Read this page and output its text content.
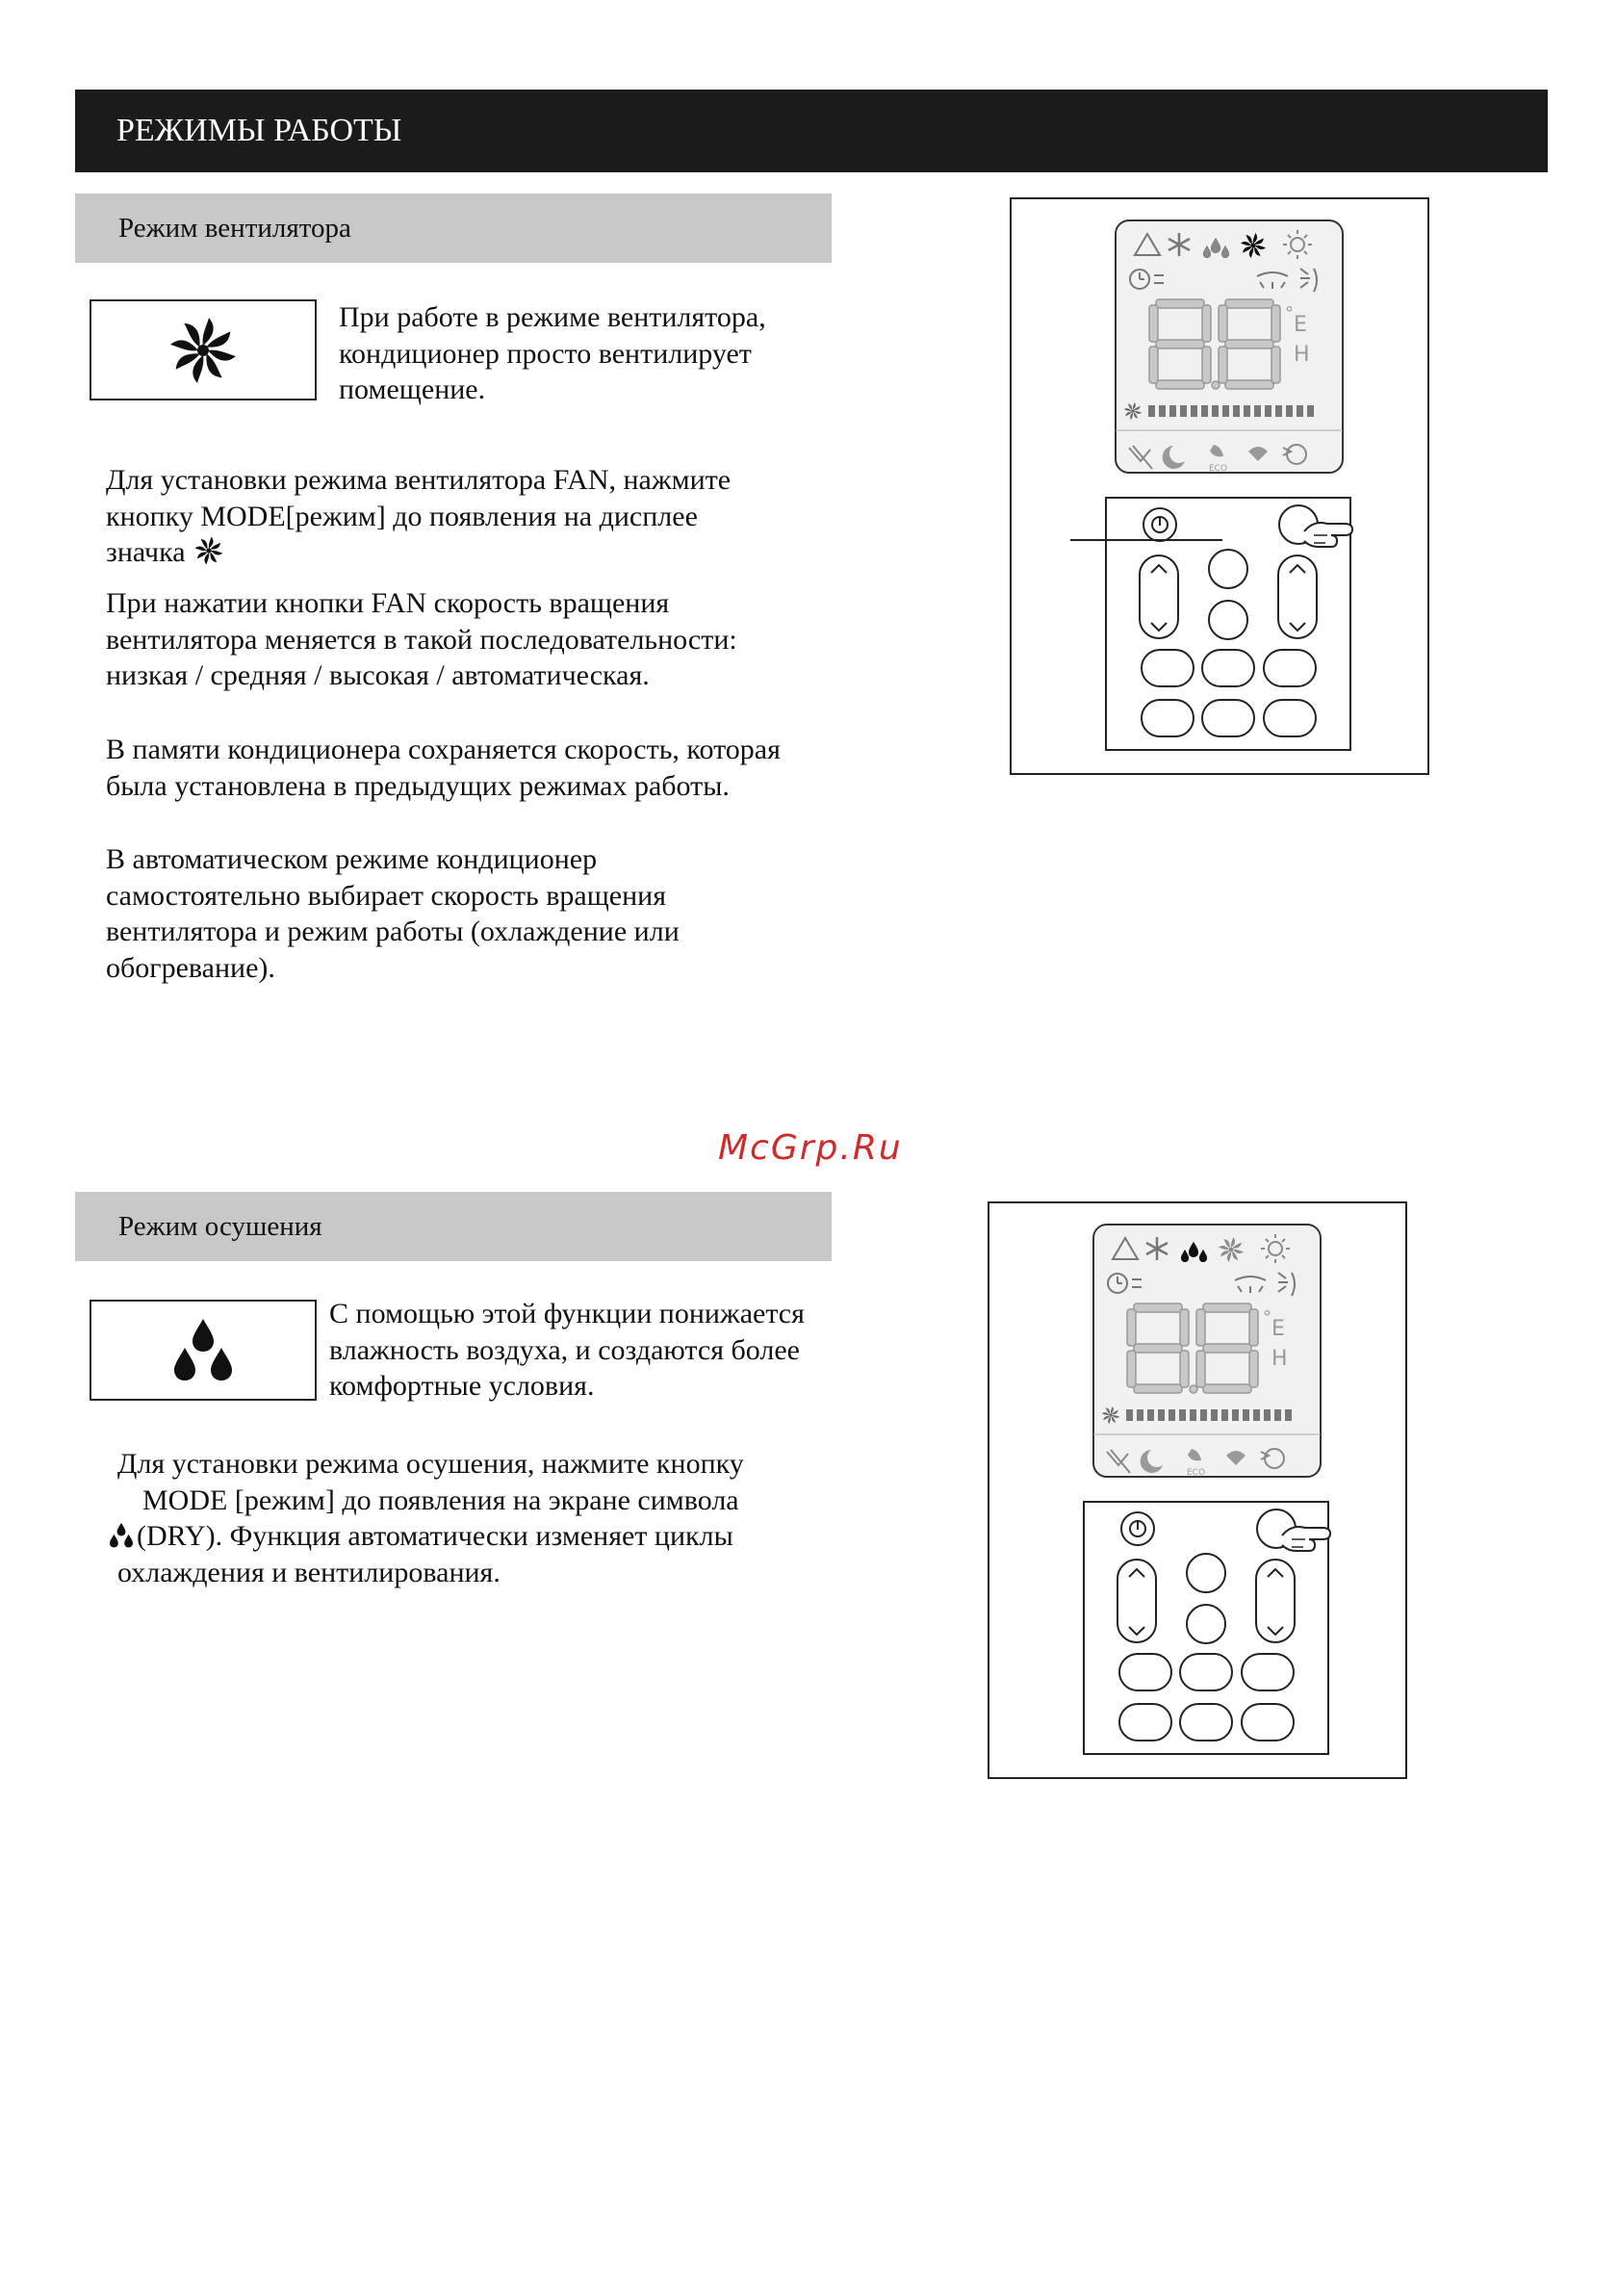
РЕЖИМЫ РАБОТЫ
Режим вентилятора
При работе в режиме вентилятора,
кондиционер просто вентилирует
помещение.
Для установки режима вентилятора FAN, нажмите
кнопку MODE[режим] до появления на дисплее
значка
При нажатии кнопки FAN скорость вращения
вентилятора меняется в такой последовательности:
низкая / средняя / высокая / автоматическая.
В памяти кондиционера сохраняется скорость, которая
была установлена в предыдущих режимах работы.
В автоматическом режиме кондиционер
самостоятельно выбирает скорость вращения
вентилятора и режим работы (охлаждение или
обогревание).
ECO
McGrp.Ru
Режим осушения
С помощью этой функции понижается
влажность воздуха, и создаются более
комфортные условия.
Для установки режима осушения, нажмите кнопку
MODE [режим] до появления на экране символа
(DRY). Функция автоматически изменяет циклы
охлаждения и вентилирования.
ECO
